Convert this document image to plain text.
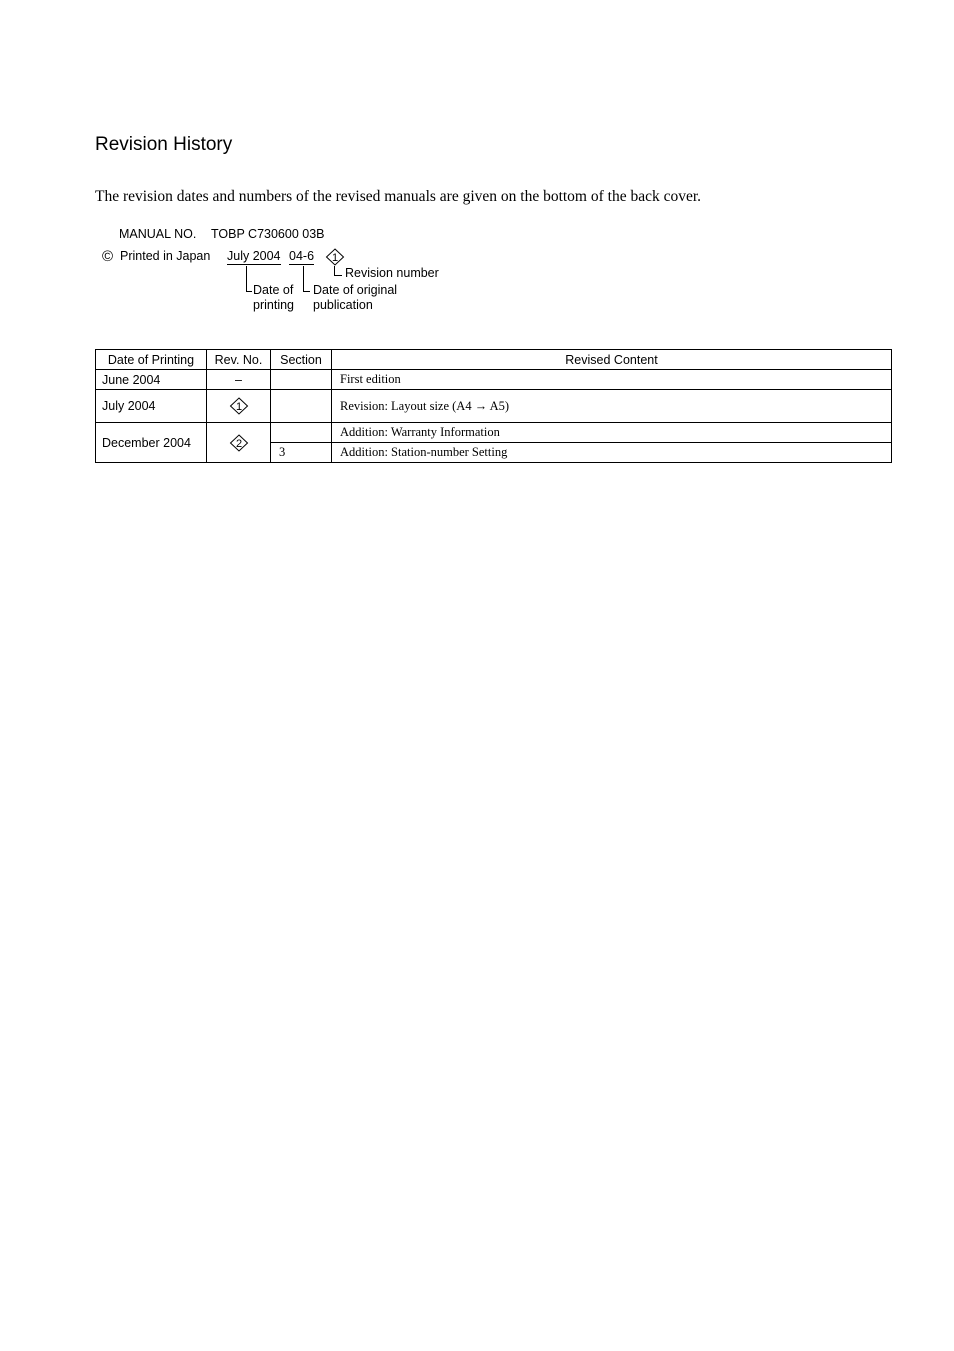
Revision History
The revision dates and numbers of the revised manuals are given on the bottom of the back cover.
MANUAL NO. TOBP C730600 03B
© Printed in Japan July 2004 04-6 1
Revision number
Date of
printing
Date of original
publication
Date of Printing	Rev. No.	Section	Revised Content
June 2004	–		First edition
July 2004	1		Revision: Layout size (A4 → A5)
December 2004	2		Addition: Warranty Information
		3	Addition: Station-number Setting
